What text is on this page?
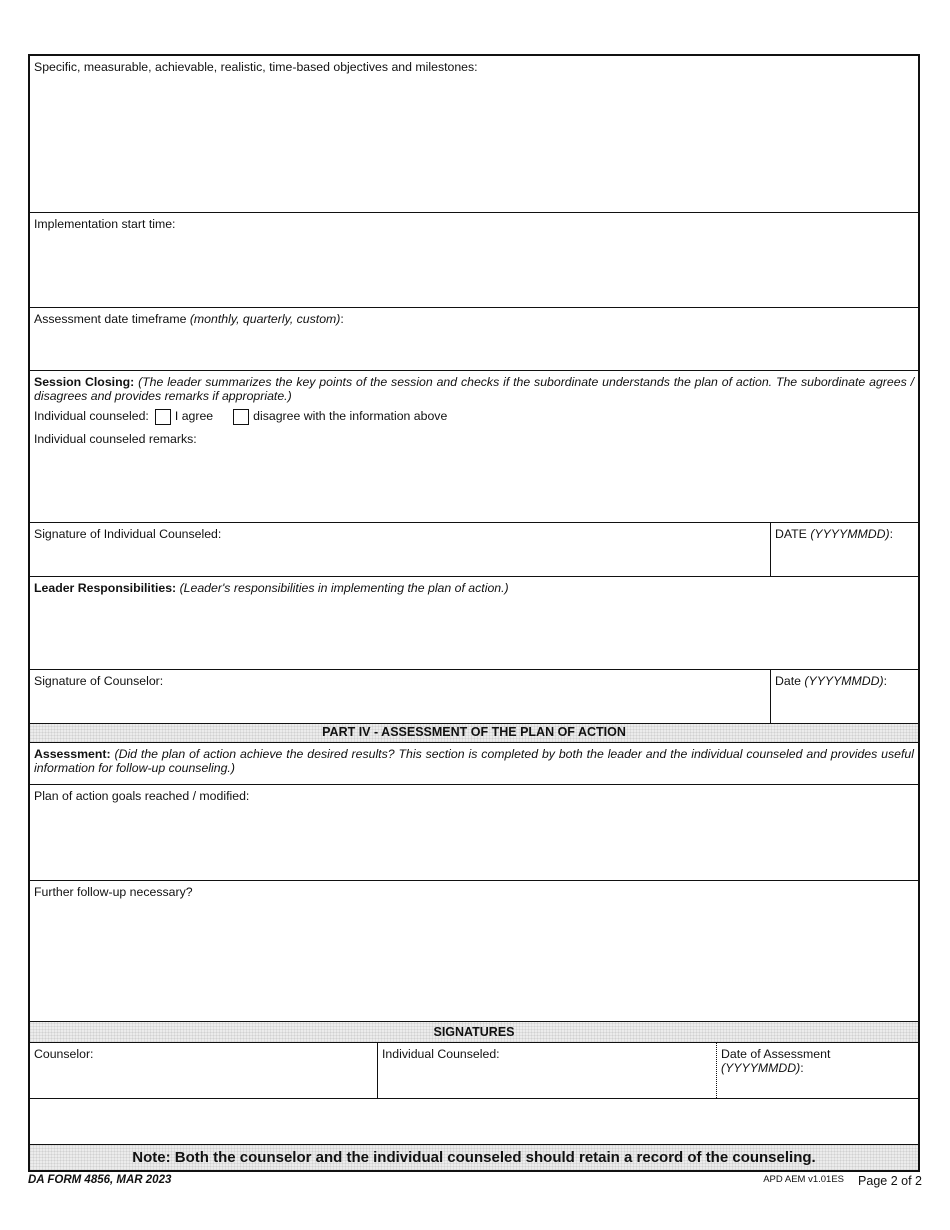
Specific, measurable, achievable, realistic, time-based objectives and milestones:
Implementation start time:
Assessment date timeframe (monthly, quarterly, custom):
Session Closing: (The leader summarizes the key points of the session and checks if the subordinate understands the plan of action. The subordinate agrees / disagrees and provides remarks if appropriate.)
Individual counseled: I agree	disagree with the information above
Individual counseled remarks:
Signature of Individual Counseled:	DATE (YYYYMMDD):
Leader Responsibilities: (Leader's responsibilities in implementing the plan of action.)
Signature of Counselor:	Date (YYYYMMDD):
PART IV - ASSESSMENT OF THE PLAN OF ACTION
Assessment: (Did the plan of action achieve the desired results? This section is completed by both the leader and the individual counseled and provides useful information for follow-up counseling.)
Plan of action goals reached / modified:
Further follow-up necessary?
SIGNATURES
Counselor:	Individual Counseled:	Date of Assessment (YYYYMMDD):
Note: Both the counselor and the individual counseled should retain a record of the counseling.
DA FORM 4856, MAR 2023	APD AEM v1.01ES Page 2 of 2
